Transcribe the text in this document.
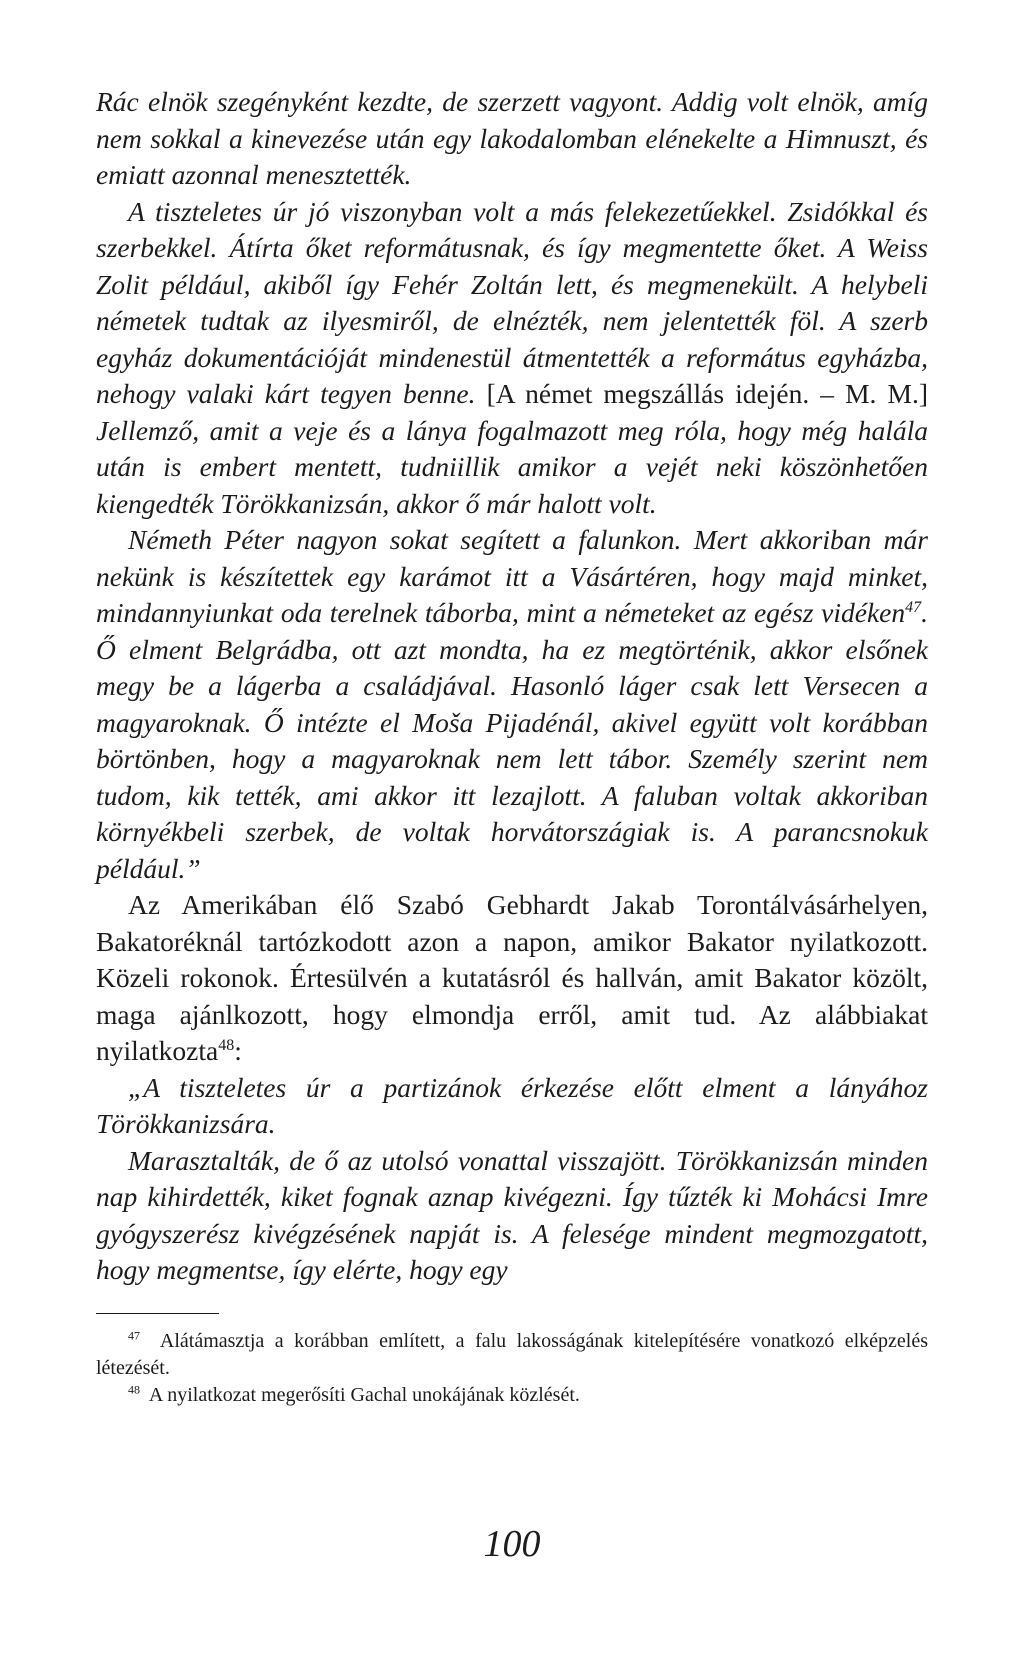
Rác elnök szegényként kezdte, de szerzett vagyont. Addig volt elnök, amíg nem sokkal a kinevezése után egy lakodalomban elénekelte a Himnuszt, és emiatt azonnal menesztették.

A tiszteletes úr jó viszonyban volt a más felekezetűekkel. Zsidókkal és szerbekkel. Átírta őket reformátusnak, és így megmentette őket. A Weiss Zolit például, akiből így Fehér Zoltán lett, és megmenekült. A helybeli németek tudtak az ilyesmiről, de elnézték, nem jelentették föl. A szerb egyház dokumentációját mindenestül átmentették a református egyházba, nehogy valaki kárt tegyen benne. [A német megszállás idején. – M. M.] Jellemző, amit a veje és a lánya fogalmazott meg róla, hogy még halála után is embert mentett, tudniillik amikor a vejét neki köszönhetően kiengedték Törökkanizsán, akkor ő már halott volt.

Németh Péter nagyon sokat segített a falunkon. Mert akkoriban már nekünk is készítettek egy karámot itt a Vásártéren, hogy majd minket, mindannyiunkat oda terelnek táborba, mint a németeket az egész vidéken$^{47}$. Ő elment Belgrádba, ott azt mondta, ha ez megtörténik, akkor elsőnek megy be a lágerba a családjával. Hasonló láger csak lett Versecen a magyaroknak. Ő intézte el Moša Pijadénál, akivel együtt volt korábban börtönben, hogy a magyaroknak nem lett tábor. Személy szerint nem tudom, kik tették, ami akkor itt lezajlott. A faluban voltak akkoriban környékbeli szerbek, de voltak horvátországiak is. A parancsnokuk például.”

Az Amerikában élő Szabó Gebhardt Jakab Torontálvásárhelyen, Bakatoréknál tartózkodott azon a napon, amikor Bakator nyilatkozott. Közeli rokonok. Értesülvén a kutatásról és hallván, amit Bakator közölt, maga ajánlkozott, hogy elmondja erről, amit tud. Az alábbiakat nyilatkozta$^{48}$:

„A tiszteletes úr a partizánok érkezése előtt elment a lányához Törökkanizsára.

Marasztalták, de ő az utolsó vonattal visszajött. Törökkanizsán minden nap kihirdették, kiket fognak aznap kivégezni. Így tűzték ki Mohácsi Imre gyógyszerész kivégzésének napját is. A felesége mindent megmozgatott, hogy megmentse, így elérte, hogy egy

$^{47}$ Alátámasztja a korábban említett, a falu lakosságának kitelepítésére vonatkozó elképzelés létezését.

$^{48}$ A nyilatkozat megerősíti Gachal unokájának közlését.

100
